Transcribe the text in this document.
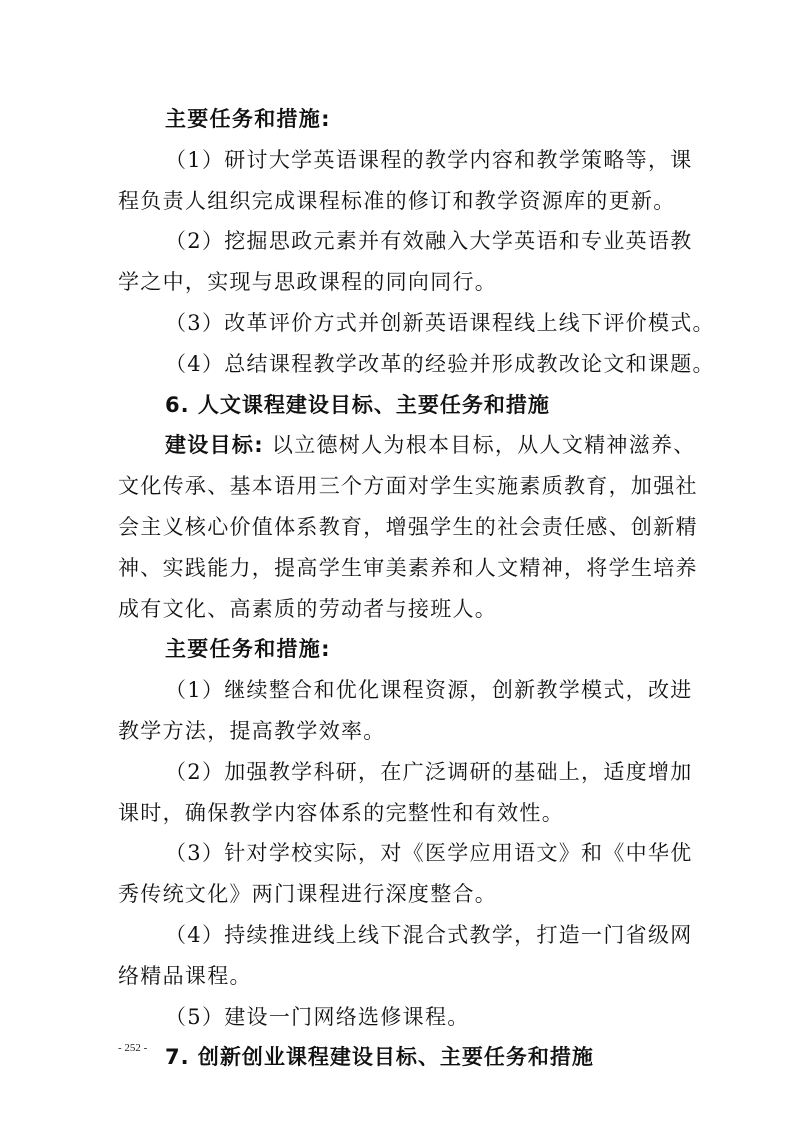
主要任务和措施:
（1）研讨大学英语课程的教学内容和教学策略等，课
程负责人组织完成课程标准的修订和教学资源库的更新。
（2）挖掘思政元素并有效融入大学英语和专业英语教
学之中，实现与思政课程的同向同行。
（3）改革评价方式并创新英语课程线上线下评价模式。
（4）总结课程教学改革的经验并形成教改论文和课题。
6. 人文课程建设目标、主要任务和措施
建设目标: 以立德树人为根本目标，从人文精神滋养、
文化传承、基本语用三个方面对学生实施素质教育，加强社
会主义核心价值体系教育，增强学生的社会责任感、创新精
神、实践能力，提高学生审美素养和人文精神，将学生培养
成有文化、高素质的劳动者与接班人。
主要任务和措施:
（1）继续整合和优化课程资源，创新教学模式，改进
教学方法，提高教学效率。
（2）加强教学科研，在广泛调研的基础上，适度增加
课时，确保教学内容体系的完整性和有效性。
（3）针对学校实际，对《医学应用语文》和《中华优
秀传统文化》两门课程进行深度整合。
（4）持续推进线上线下混合式教学，打造一门省级网
络精品课程。
- 252 -
（5）建设一门网络选修课程。
7. 创新创业课程建设目标、主要任务和措施
